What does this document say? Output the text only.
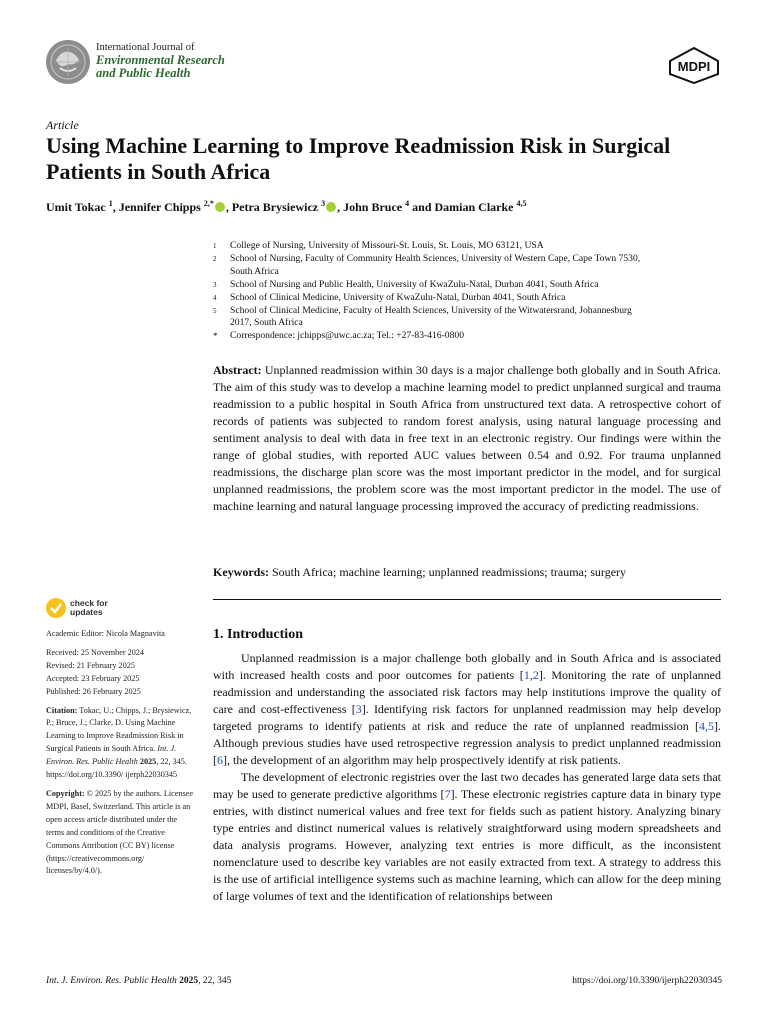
International Journal of
Environmental Research
and Public Health	MDPI
Article
Using Machine Learning to Improve Readmission Risk in Surgical Patients in South Africa
Umit Tokac $^1$, Jennifer Chipps $^{2,*}$ , Petra Brysiewicz $^3$ , John Bruce $^4$ and Damian Clarke $^{4,5}$
1	College of Nursing, University of Missouri-St. Louis, St. Louis, MO 63121, USA
2	School of Nursing, Faculty of Community Health Sciences, University of Western Cape, Cape Town 7530, South Africa
3	School of Nursing and Public Health, University of KwaZulu-Natal, Durban 4041, South Africa
4	School of Clinical Medicine, University of KwaZulu-Natal, Durban 4041, South Africa
5	School of Clinical Medicine, Faculty of Health Sciences, University of the Witwatersrand, Johannesburg 2017, South Africa
*	Correspondence: jchipps@uwc.ac.za; Tel.: +27-83-416-0800
Abstract: Unplanned readmission within 30 days is a major challenge both globally and in South Africa. The aim of this study was to develop a machine learning model to predict unplanned surgical and trauma readmission to a public hospital in South Africa from unstructured text data. A retrospective cohort of records of patients was subjected to random forest analysis, using natural language processing and sentiment analysis to deal with data in free text in an electronic registry. Our findings were within the range of global studies, with reported AUC values between 0.54 and 0.92. For trauma unplanned readmissions, the discharge plan score was the most important predictor in the model, and for surgical unplanned readmissions, the problem score was the most important predictor in the model. The use of machine learning and natural language processing improved the accuracy of predicting readmissions.
Keywords: South Africa; machine learning; unplanned readmissions; trauma; surgery
check for
updates
Academic Editor: Nicola Magnavita
Received: 25 November 2024
Revised: 21 February 2025
Accepted: 23 February 2025
Published: 26 February 2025
Citation: Tokac, U.; Chipps, J.; Brysiewicz, P.; Bruce, J.; Clarke, D. Using Machine Learning to Improve Readmission Risk in Surgical Patients in South Africa. Int. J. Environ. Res. Public Health 2025, 22, 345. https://doi.org/10.3390/ ijerph22030345
Copyright: © 2025 by the authors. Licensee MDPI, Basel, Switzerland. This article is an open access article distributed under the terms and conditions of the Creative Commons Attribution (CC BY) license (https://creativecommons.org/ licenses/by/4.0/).
1. Introduction

Unplanned readmission is a major challenge both globally and in South Africa and is associated with increased health costs and poor outcomes for patients [1,2]. Monitoring the rate of unplanned readmission and understanding the associated risk factors may help institutions improve the quality of care and cost-effectiveness [3]. Identifying risk factors for unplanned readmission may help develop targeted programs to identify patients at risk and reduce the rate of unplanned readmission [4,5]. Although previous studies have used retrospective regression analysis to predict unplanned readmission [6], the development of an algorithm may help prospectively identify at risk patients.

The development of electronic registries over the last two decades has generated large data sets that may be used to generate predictive algorithms [7]. These electronic registries capture data in binary type entries, with distinct numerical values and free text for fields such as patient history. Analyzing binary type entries and distinct numerical values is relatively straightforward using modern spreadsheets and data analysis programs. However, analyzing text entries is more difficult, as the inconsistent nomenclature used to describe key variables are not easily extracted from text. A strategy to address this is the use of artificial intelligence systems such as machine learning, which can allow for the deep mining of large volumes of text and the identification of relationships between

Int. J. Environ. Res. Public Health 2025, 22, 345	https://doi.org/10.3390/ijerph22030345
